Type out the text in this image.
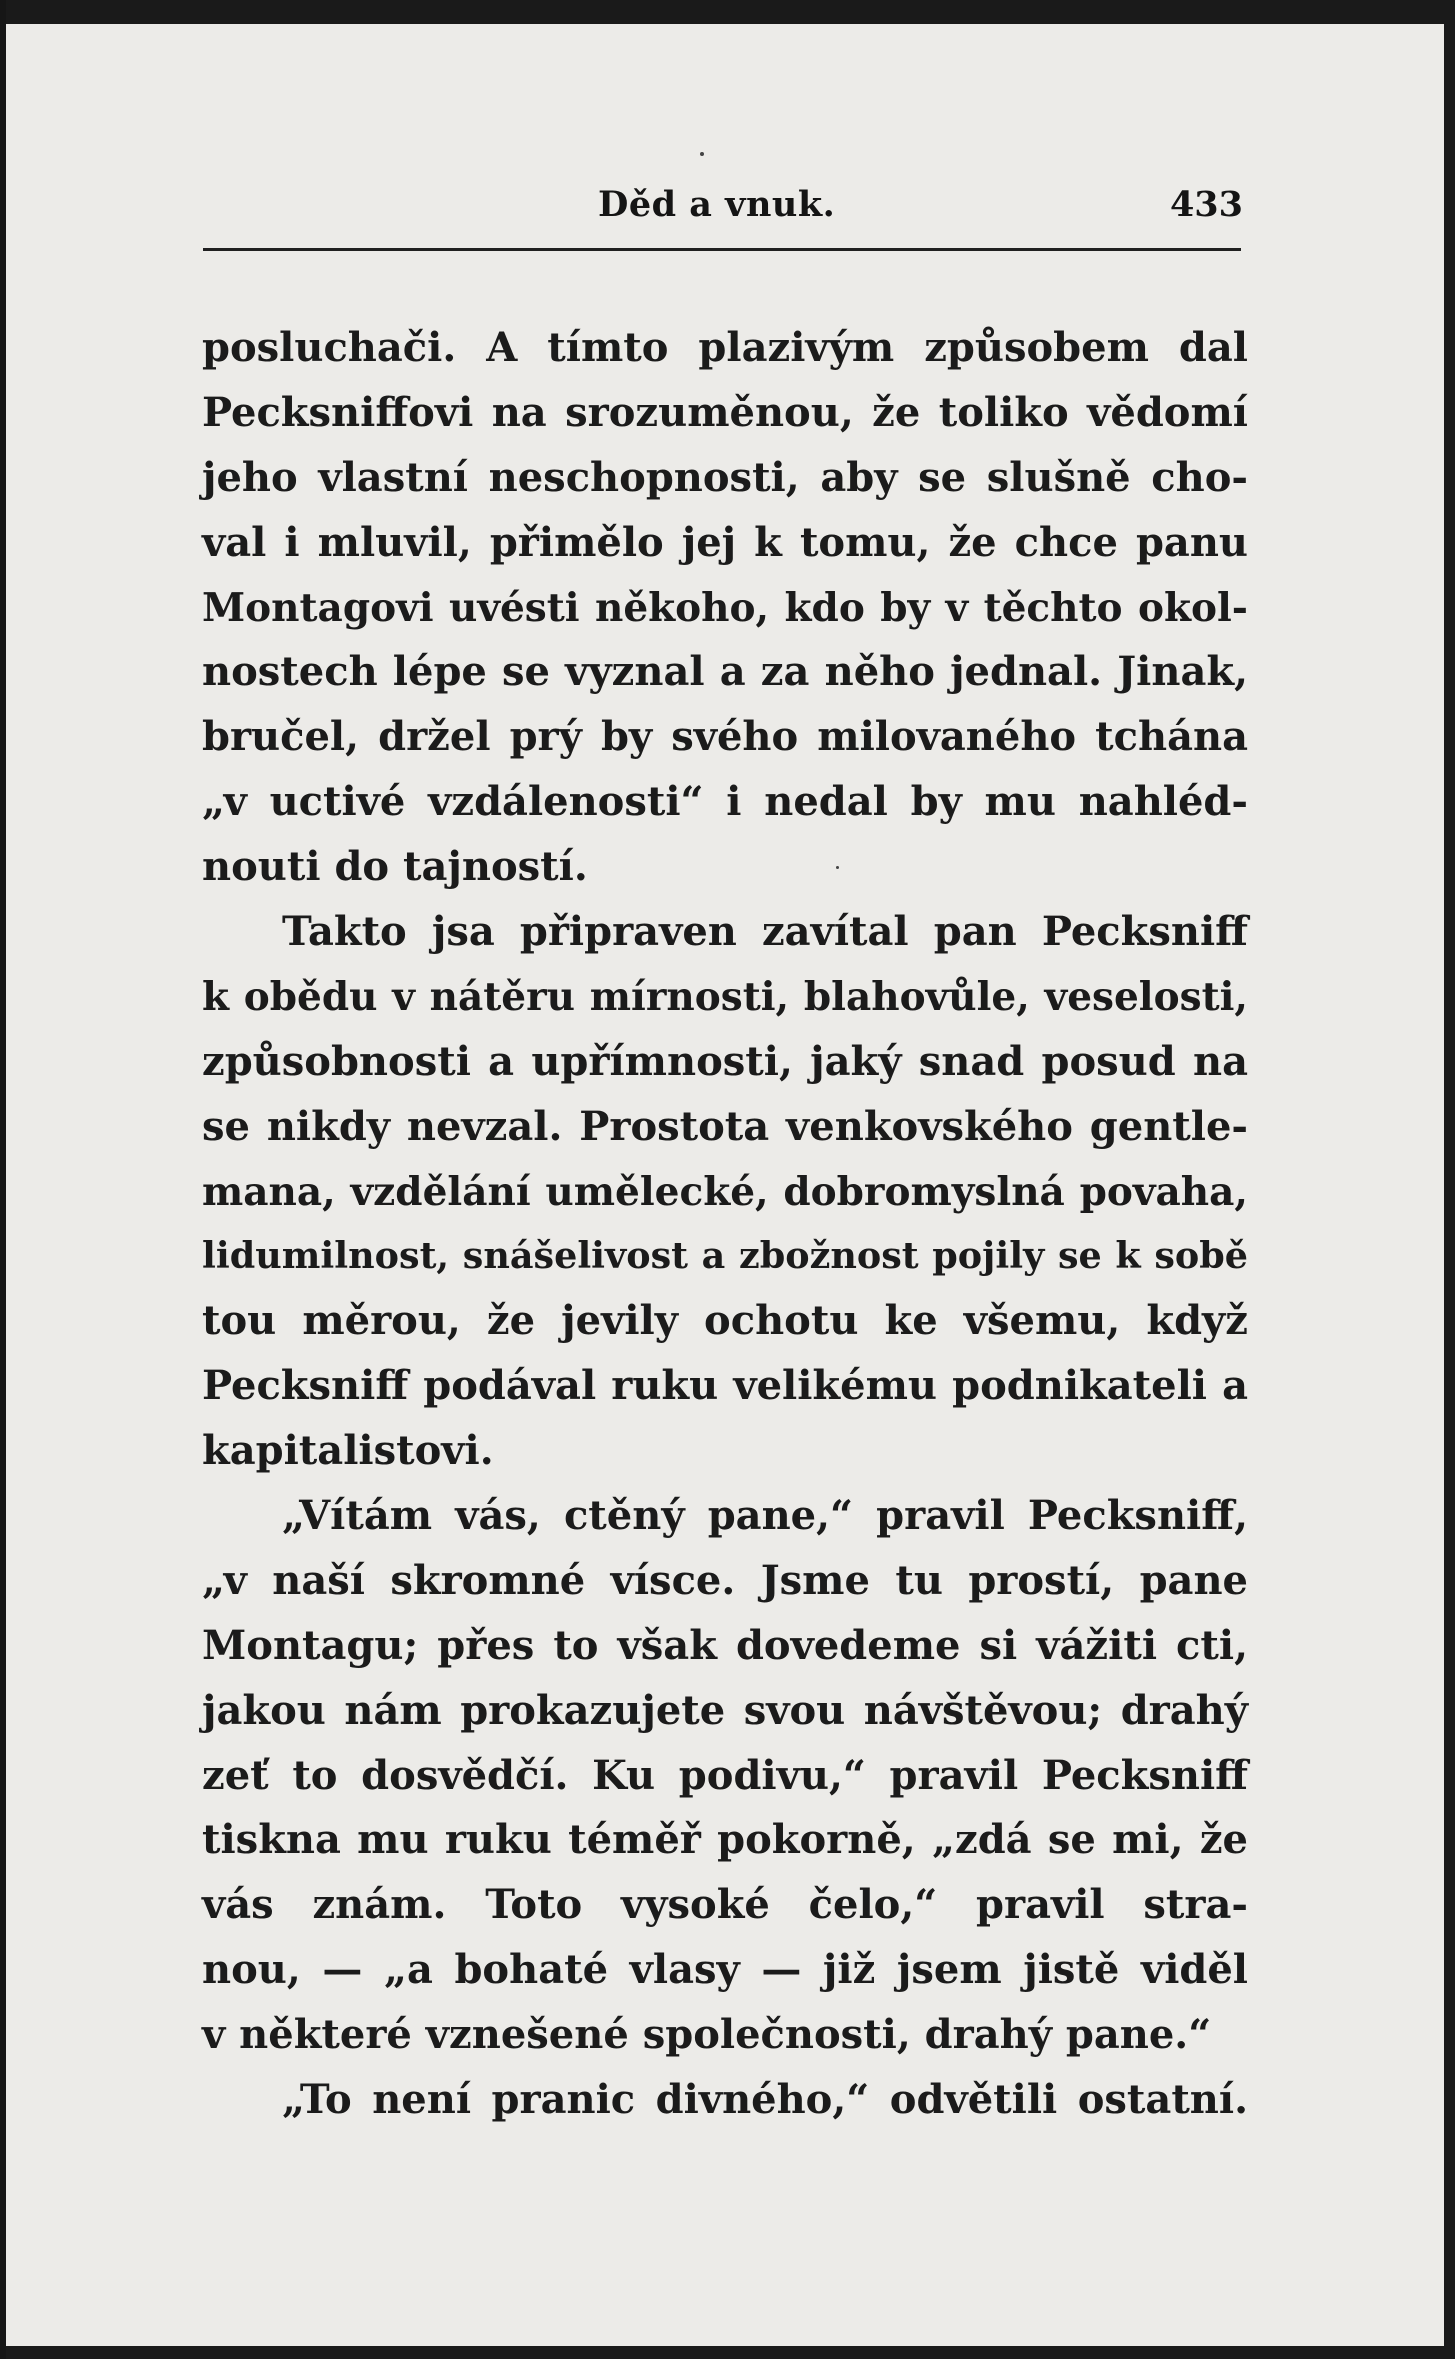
Děd a vnuk.	433
posluchači. A tímto plazivým způsobem dal
Pecksniffovi na srozuměnou, že toliko vědomí
jeho vlastní neschopnosti, aby se slušně cho-
val i mluvil, přimělo jej k tomu, že chce panu
Montagovi uvésti někoho, kdo by v těchto okol-
nostech lépe se vyznal a za něho jednal. Jinak,
bručel, držel prý by svého milovaného tchána
„v uctivé vzdálenosti“ i nedal by mu nahléd-
nouti do tajností.
Takto jsa připraven zavítal pan Pecksniff
k obědu v nátěru mírnosti, blahovůle, veselosti,
způsobnosti a upřímnosti, jaký snad posud na
se nikdy nevzal. Prostota venkovského gentle-
mana, vzdělání umělecké, dobromyslná povaha,
lidumilnost, snášelivost a zbožnost pojily se k sobě
tou měrou, že jevily ochotu ke všemu, když
Pecksniff podával ruku velikému podnikateli a
kapitalistovi.
„Vítám vás, ctěný pane,“ pravil Pecksniff,
„v naší skromné vísce. Jsme tu prostí, pane
Montagu; přes to však dovedeme si vážiti cti,
jakou nám prokazujete svou návštěvou; drahý
zeť to dosvědčí. Ku podivu,“ pravil Pecksniff
tiskna mu ruku téměř pokorně, „zdá se mi, že
vás znám. Toto vysoké čelo,“ pravil stra-
nou, — „a bohaté vlasy — již jsem jistě viděl
v některé vznešené společnosti, drahý pane.“
„To není pranic divného,“ odvětili ostatní.
